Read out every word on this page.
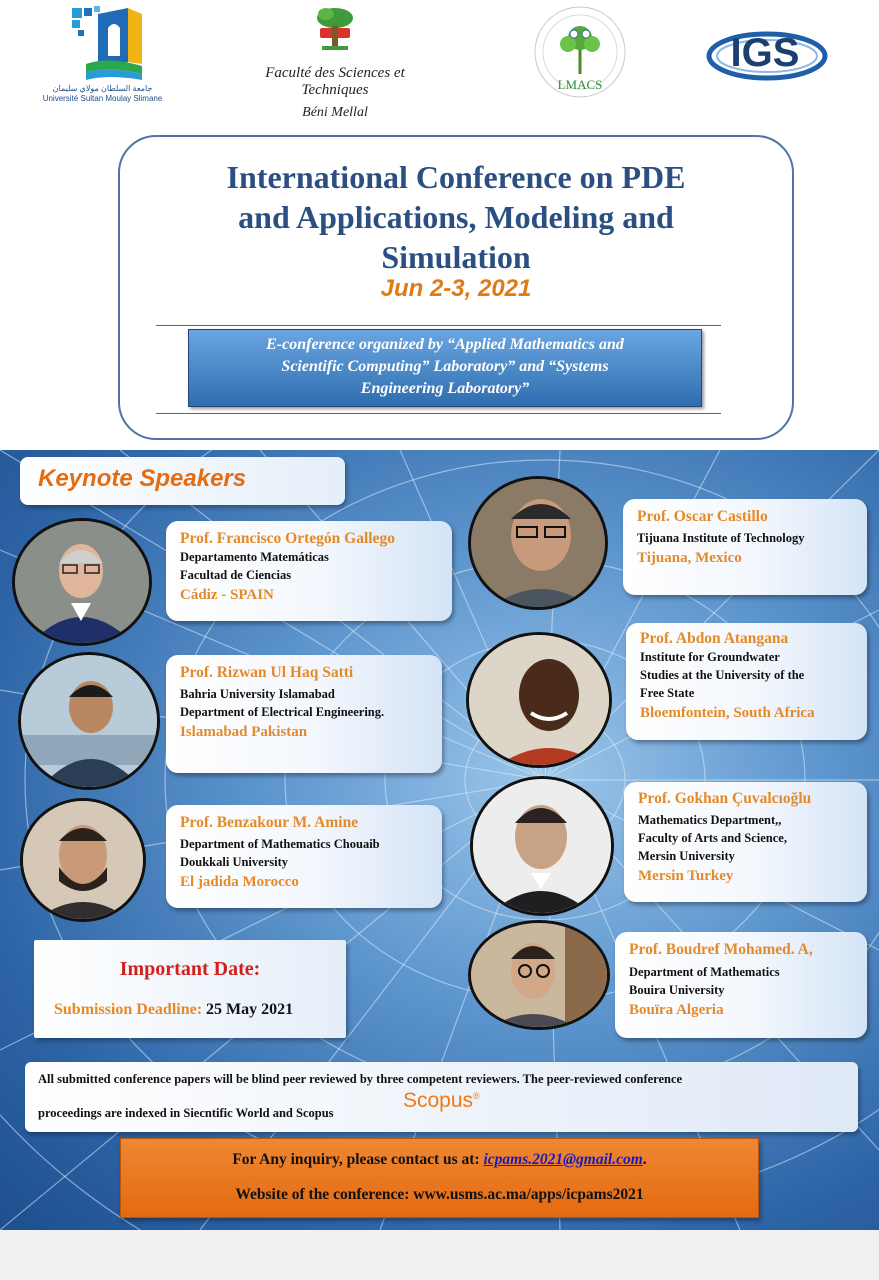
جامعة السلطان مولاي سليمان
Université Sultan Moulay Slimane
Faculté des Sciences et Techniques
Béni Mellal
LMACS
IGS
International Conference on PDE
and Applications, Modeling and
Simulation
Jun 2-3, 2021
E-conference organized by “Applied Mathematics and
Scientific Computing” Laboratory” and “Systems
Engineering Laboratory”
Keynote Speakers
Prof. Francisco Ortegón Gallego
Departamento Matemáticas
Facultad de Ciencias
Cádiz - SPAIN
Prof. Rizwan Ul Haq Satti
Bahria University Islamabad
Department of Electrical Engineering.
Islamabad Pakistan
Prof. Benzakour M. Amine
Department of Mathematics Chouaib
Doukkali University
El jadida Morocco
Prof. Oscar Castillo
Tijuana Institute of Technology
Tijuana, Mexico
Prof. Abdon Atangana
Institute for Groundwater
Studies at the University of the
Free State
Bloemfontein, South Africa
Prof. Gokhan Çuvalcıoğlu
Mathematics Department,,
Faculty of Arts and Science,
Mersin University
Mersin Turkey
Prof. Boudref Mohamed. A,
Department of Mathematics
Bouira University
Bouïra Algeria
Important Date:
Submission Deadline: 25 May 2021
All submitted conference papers will be blind peer reviewed by three competent reviewers. The peer-reviewed conference
proceedings are indexed in Siecntific World and Scopus
Scopus®
For Any inquiry, please contact us at: icpams.2021@gmail.com.
Website of the conference: www.usms.ac.ma/apps/icpams2021
